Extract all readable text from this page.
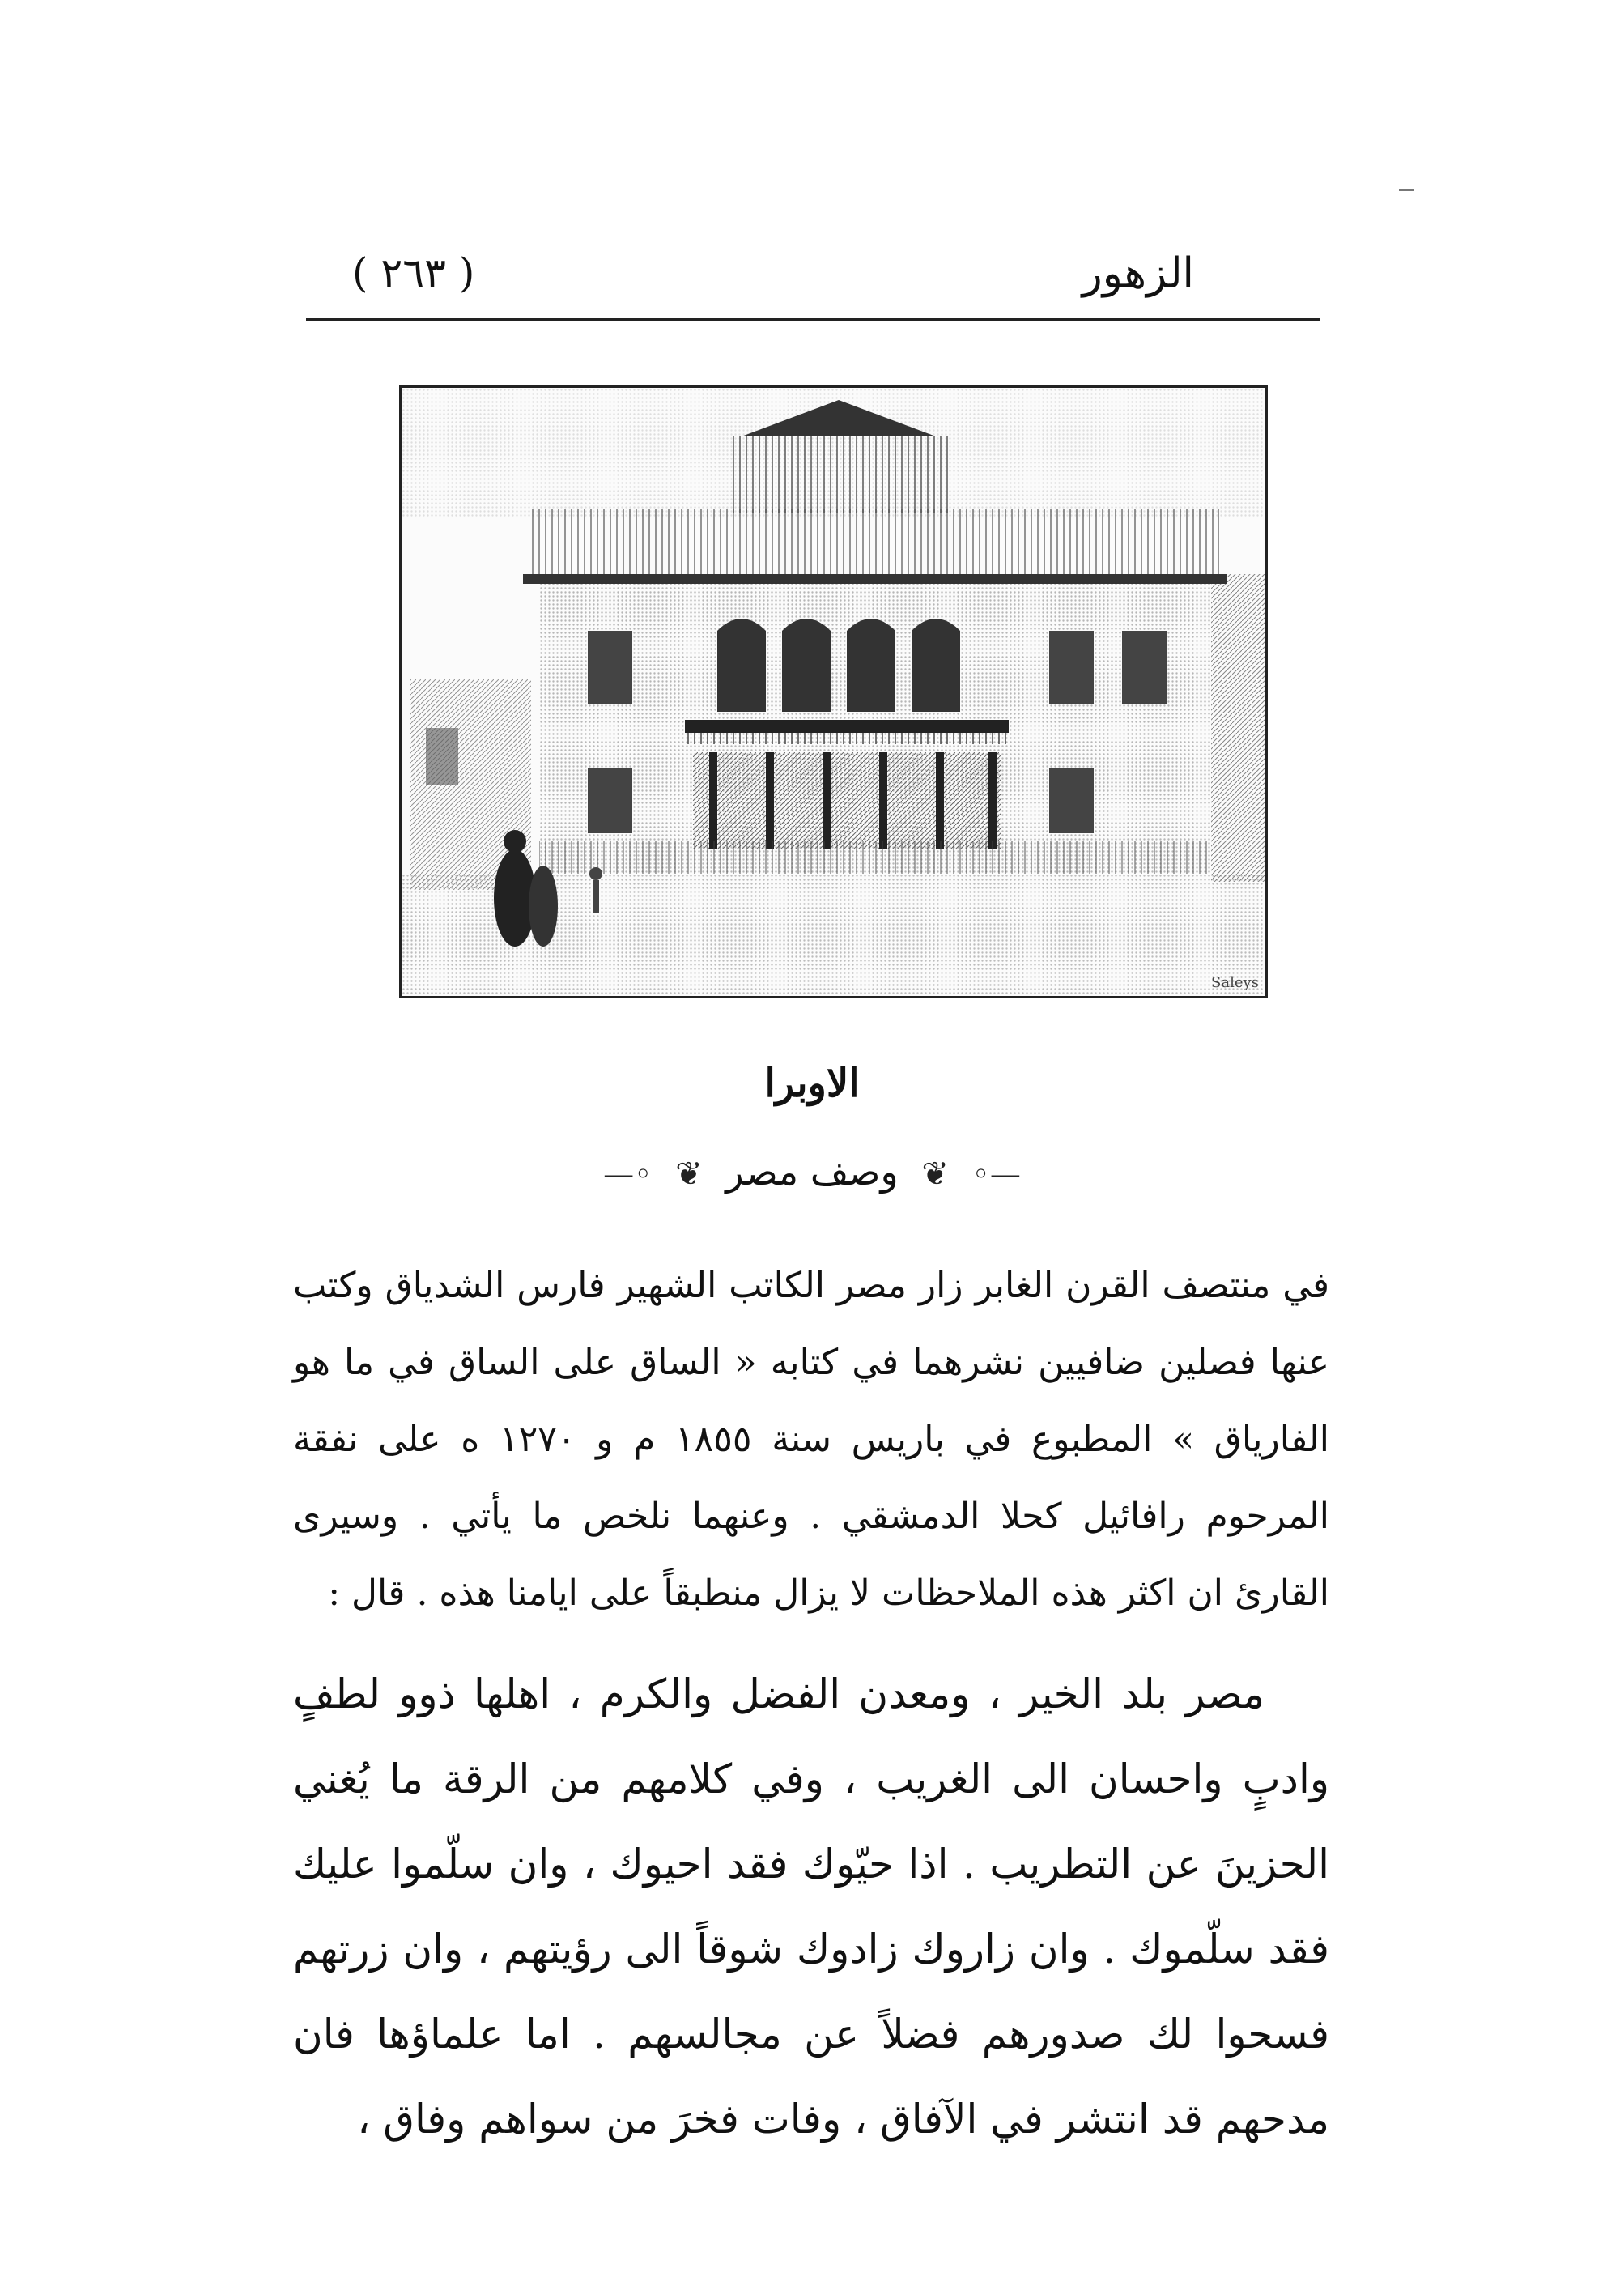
الزهور
( ٢٦٣ )
Saleys
الاوبرا
—◦ ❦ وصف مصر ❦ ◦—

في منتصف القرن الغابر زار مصر الكاتب الشهير فارس الشدياق وكتب عنها فصلين ضافيين نشرهما في كتابه « الساق على الساق في ما هو الفارياق » المطبوع في باريس سنة ١٨٥٥ م و ١٢٧٠ ه على نفقة المرحوم رافائيل كحلا الدمشقي . وعنهما نلخص ما يأتي . وسيرى القارئ ان اكثر هذه الملاحظات لا يزال منطبقاً على ايامنا هذه . قال :

مصر بلد الخير ، ومعدن الفضل والكرم ، اهلها ذوو لطفٍ وادبٍ واحسان الى الغريب ، وفي كلامهم من الرقة ما يُغني الحزينَ عن التطريب . اذا حيّوك فقد احيوك ، وان سلّموا عليك فقد سلّموك . وان زاروك زادوك شوقاً الى رؤيتهم ، وان زرتهم فسحوا لك صدورهم فضلاً عن مجالسهم . اما علماؤها فان مدحهم قد انتشر في الآفاق ، وفات فخرَ من سواهم وفاق ،
